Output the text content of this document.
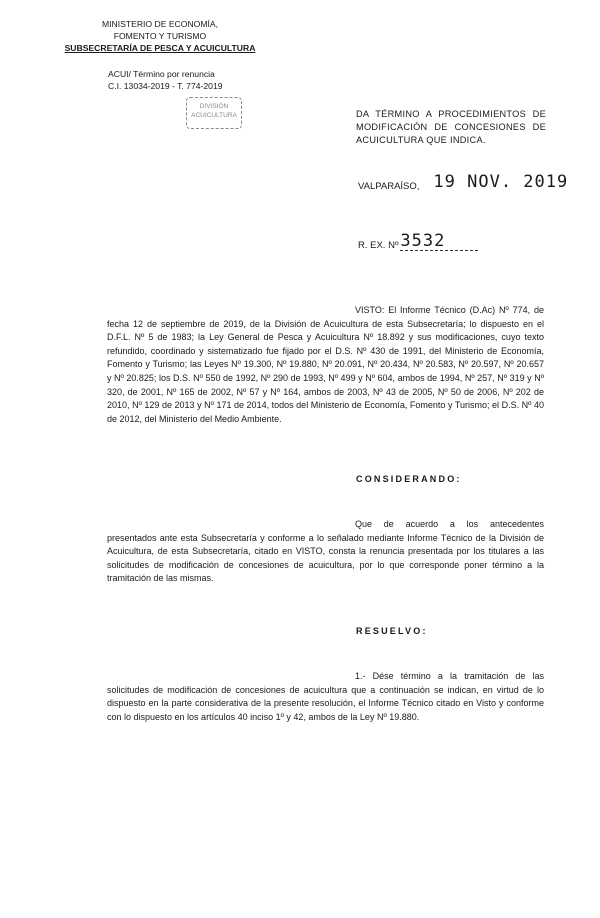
MINISTERIO DE ECONOMÍA,
FOMENTO Y TURISMO
SUBSECRETARÍA DE PESCA Y ACUICULTURA
ACUI/ Término por renuncia
C.I. 13034-2019 - T. 774-2019
DIVISIÓN
ACUICULTURA	DA TÉRMINO A PROCEDIMIENTOS DE MODIFICACIÓN DE CONCESIONES DE ACUICULTURA QUE INDICA.
VALPARAÍSO, 19 NOV. 2019
R. EX. Nº 3532
VISTO: El Informe Técnico (D.Ac) Nº 774, de fecha 12 de septiembre de 2019, de la División de Acuicultura de esta Subsecretaría; lo dispuesto en el D.F.L. Nº 5 de 1983; la Ley General de Pesca y Acuicultura Nº 18.892 y sus modificaciones, cuyo texto refundido, coordinado y sistematizado fue fijado por el D.S. Nº 430 de 1991, del Ministerio de Economía, Fomento y Turismo; las Leyes Nº 19.300, Nº 19.880, Nº 20.091, Nº 20.434, Nº 20.583, Nº 20.597, Nº 20.657 y Nº 20.825; los D.S. Nº 550 de 1992, Nº 290 de 1993, Nº 499 y Nº 604, ambos de 1994, Nº 257, Nº 319 y Nº 320, de 2001, Nº 165 de 2002, Nº 57 y Nº 164, ambos de 2003, Nº 43 de 2005, Nº 50 de 2006, Nº 202 de 2010, Nº 129 de 2013 y Nº 171 de 2014, todos del Ministerio de Economía, Fomento y Turismo; el D.S. Nº 40 de 2012, del Ministerio del Medio Ambiente.
CONSIDERANDO:
Que de acuerdo a los antecedentes presentados ante esta Subsecretaría y conforme a lo señalado mediante Informe Técnico de la División de Acuicultura, de esta Subsecretaría, citado en VISTO, consta la renuncia presentada por los titulares a las solicitudes de modificación de concesiones de acuicultura, por lo que corresponde poner término a la tramitación de las mismas.
RESUELVO:
1.- Dése término a la tramitación de las solicitudes de modificación de concesiones de acuicultura que a continuación se indican, en virtud de lo dispuesto en la parte considerativa de la presente resolución, el Informe Técnico citado en Visto y conforme con lo dispuesto en los artículos 40 inciso 1º y 42, ambos de la Ley Nº 19.880.
